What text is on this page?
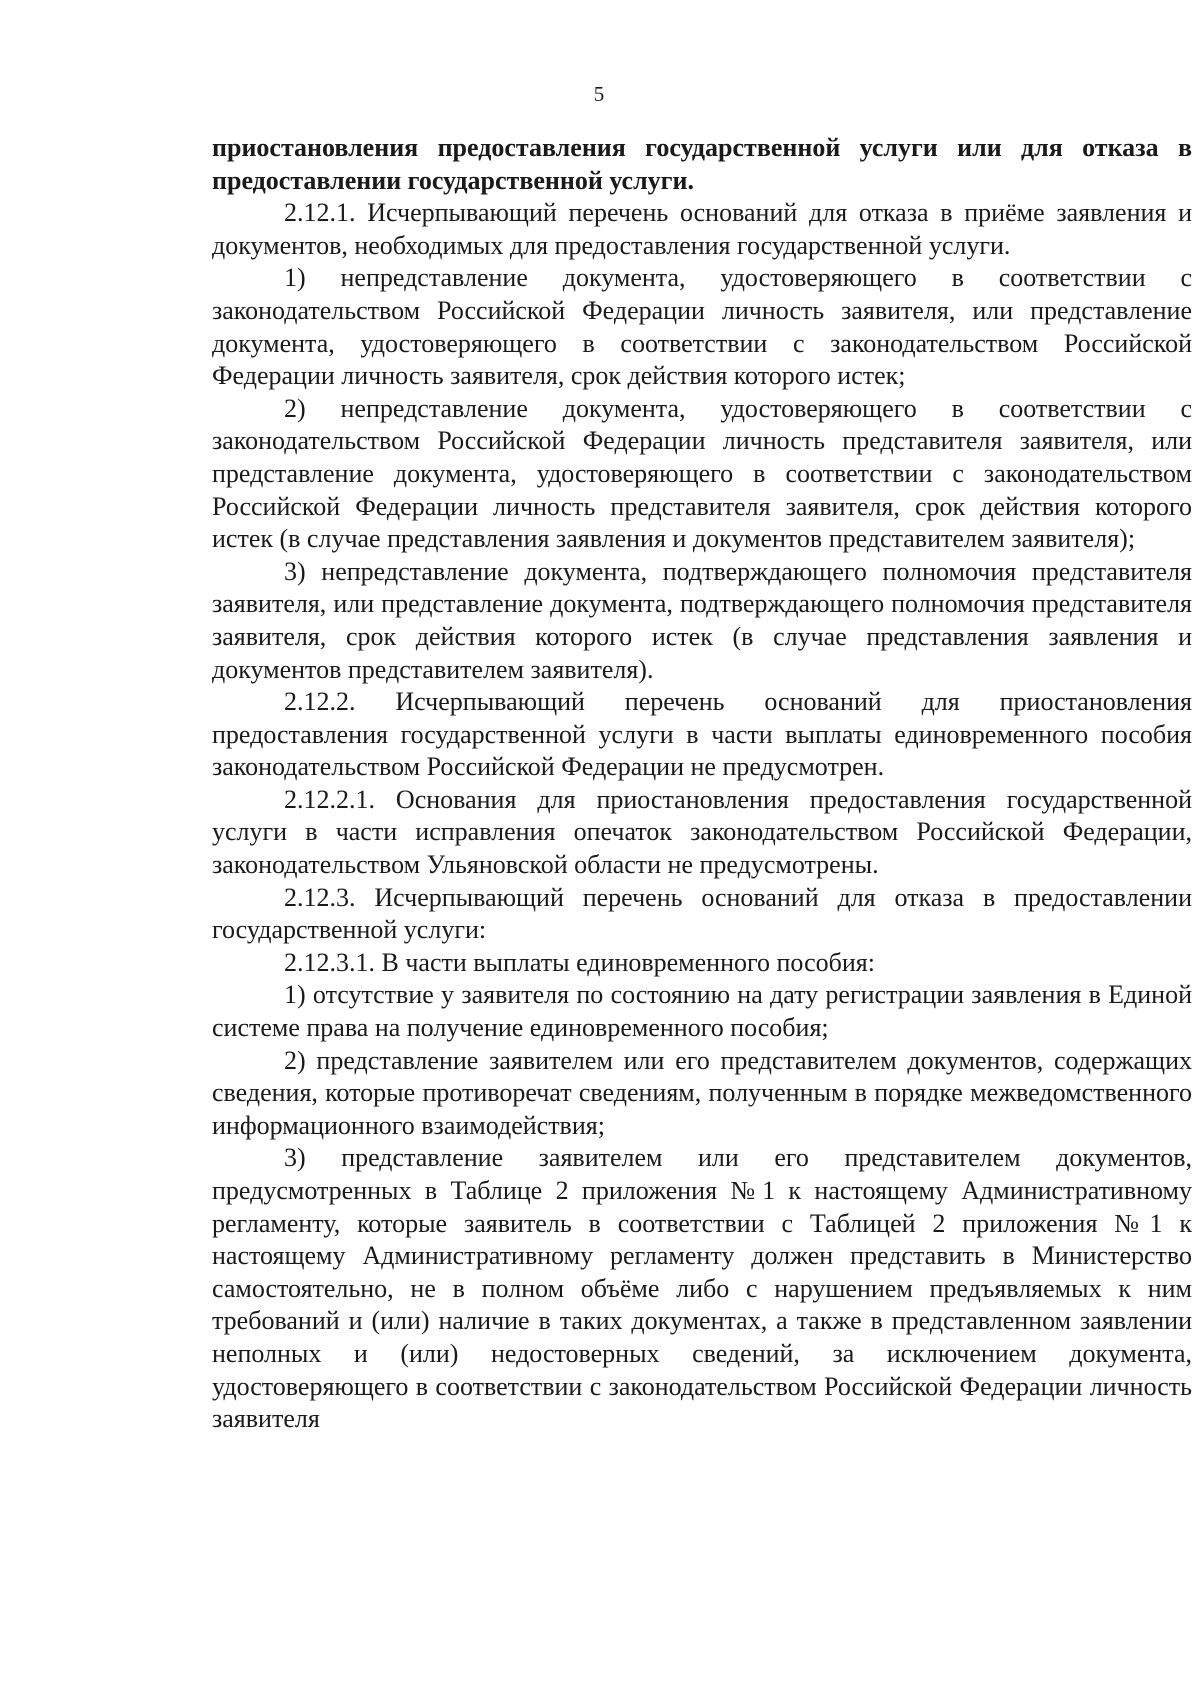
5

приостановления предоставления государственной услуги или для отказа в предоставлении государственной услуги.

2.12.1. Исчерпывающий перечень оснований для отказа в приёме заявления и документов, необходимых для предоставления государственной услуги.

1) непредставление документа, удостоверяющего в соответствии с законодательством Российской Федерации личность заявителя, или представление документа, удостоверяющего в соответствии с законодательством Российской Федерации личность заявителя, срок действия которого истек;

2) непредставление документа, удостоверяющего в соответствии с законодательством Российской Федерации личность представителя заявителя, или представление документа, удостоверяющего в соответствии с законодательством Российской Федерации личность представителя заявителя, срок действия которого истек (в случае представления заявления и документов представителем заявителя);

3) непредставление документа, подтверждающего полномочия представителя заявителя, или представление документа, подтверждающего полномочия представителя заявителя, срок действия которого истек (в случае представления заявления и документов представителем заявителя).

2.12.2. Исчерпывающий перечень оснований для приостановления предоставления государственной услуги в части выплаты единовременного пособия законодательством Российской Федерации не предусмотрен.

2.12.2.1. Основания для приостановления предоставления государственной услуги в части исправления опечаток законодательством Российской Федерации, законодательством Ульяновской области не предусмотрены.

2.12.3. Исчерпывающий перечень оснований для отказа в предоставлении государственной услуги:

2.12.3.1. В части выплаты единовременного пособия:

1) отсутствие у заявителя по состоянию на дату регистрации заявления в Единой системе права на получение единовременного пособия;

2) представление заявителем или его представителем документов, содержащих сведения, которые противоречат сведениям, полученным в порядке межведомственного информационного взаимодействия;

3) представление заявителем или его представителем документов, предусмотренных в Таблице 2 приложения №1 к настоящему Административному регламенту, которые заявитель в соответствии с Таблицей 2 приложения №1 к настоящему Административному регламенту должен представить в Министерство самостоятельно, не в полном объёме либо с нарушением предъявляемых к ним требований и (или) наличие в таких документах, а также в представленном заявлении неполных и (или) недостоверных сведений, за исключением документа, удостоверяющего в соответствии с законодательством Российской Федерации личность заявителя
